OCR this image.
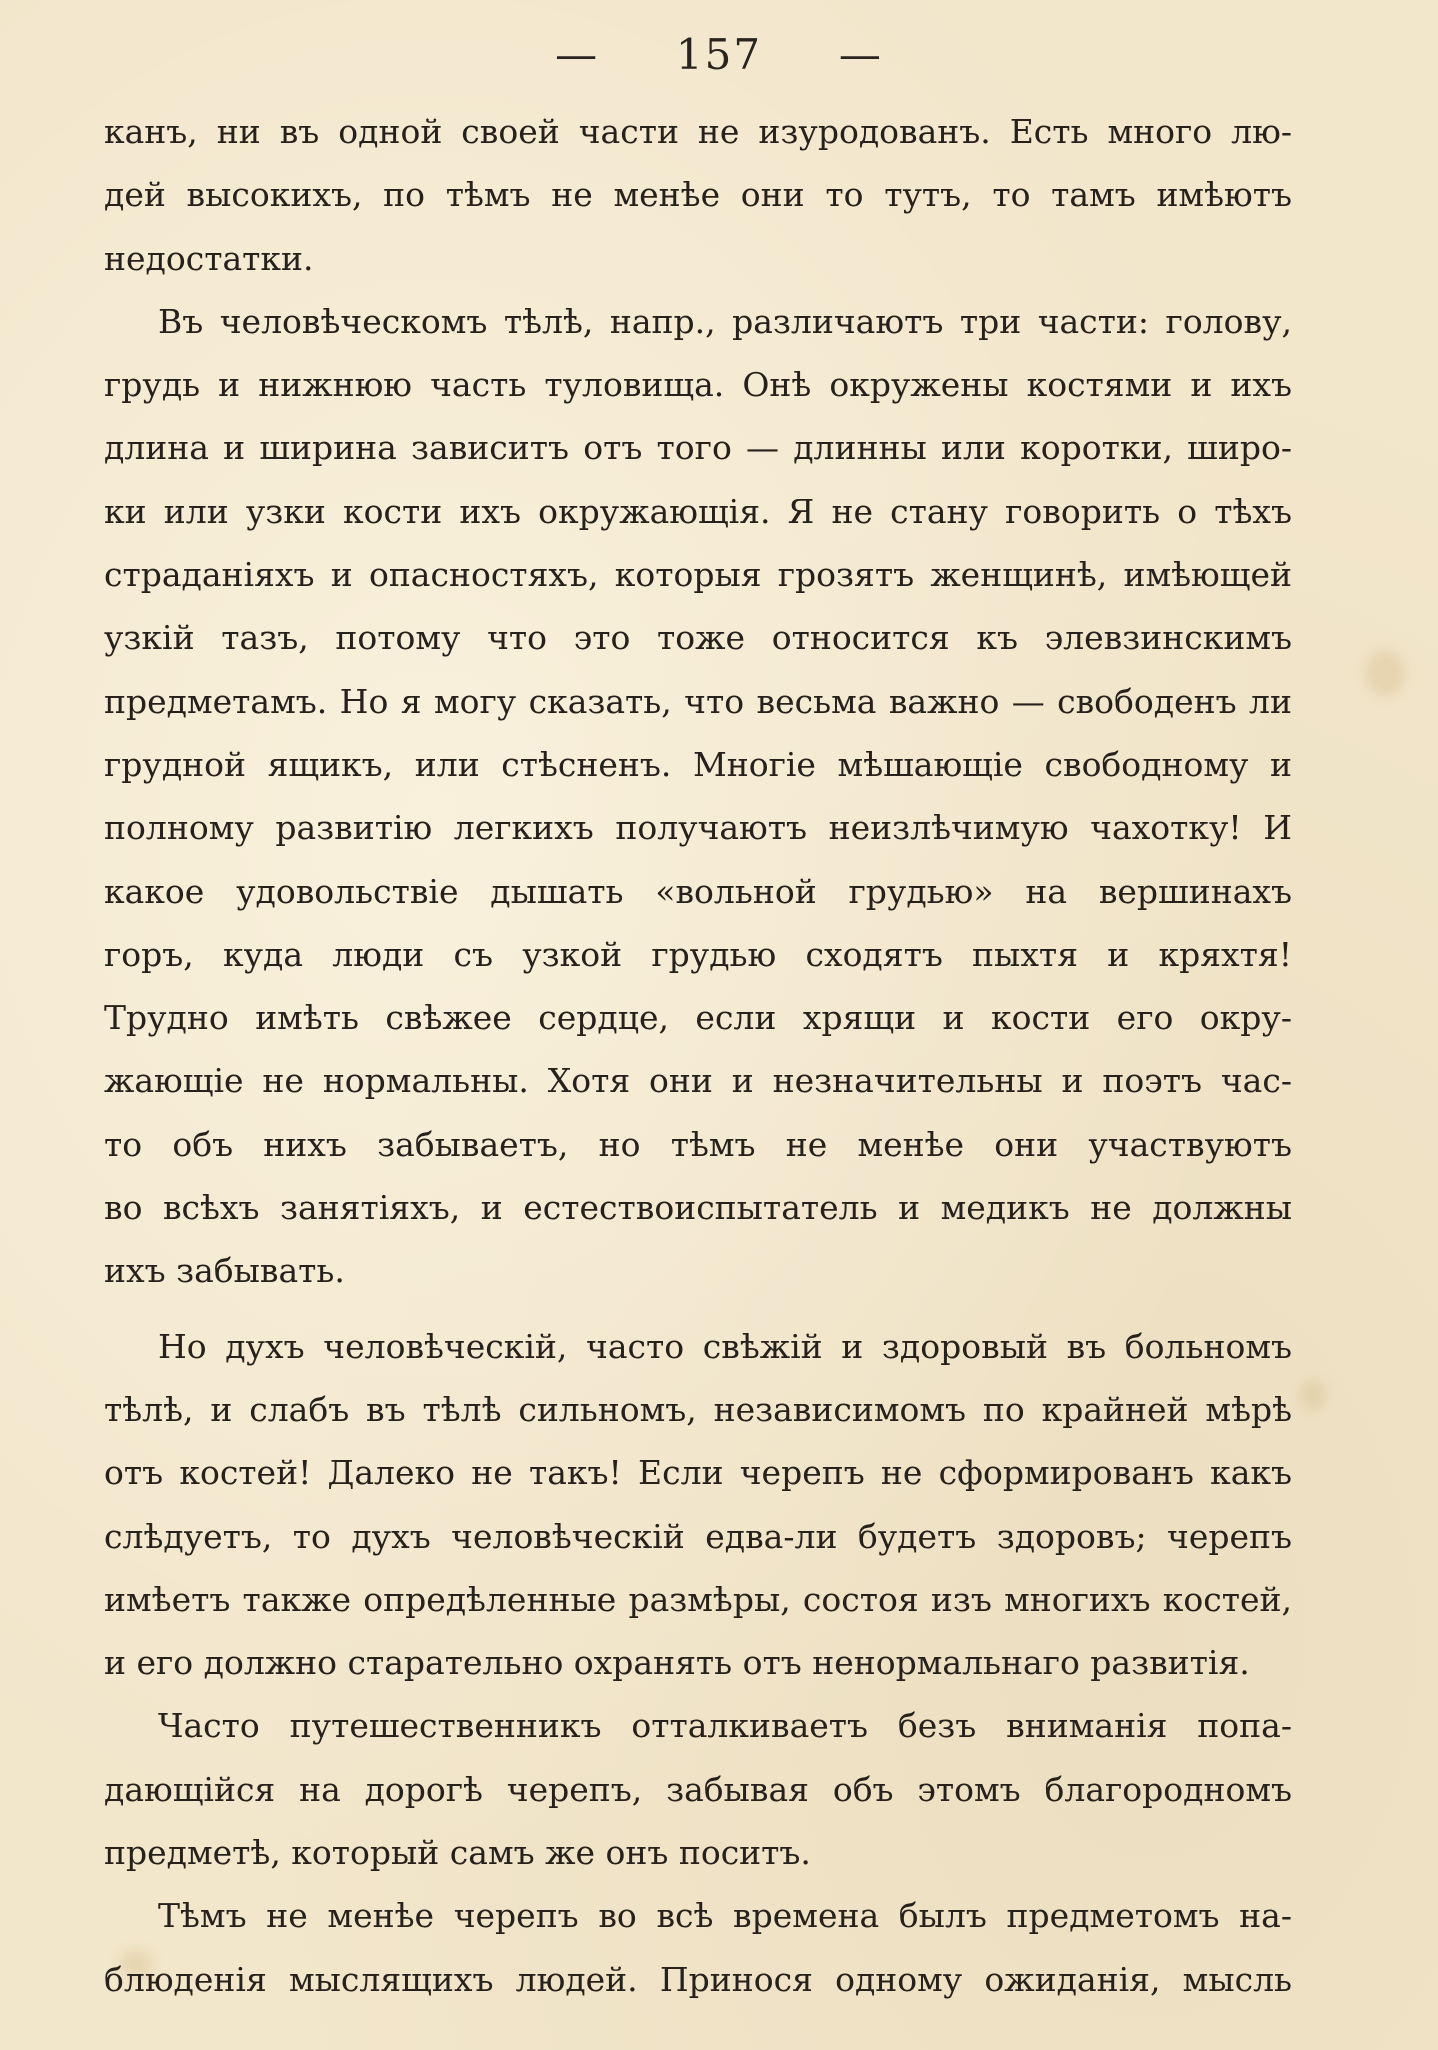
— 157 —
канъ, ни въ одной своей части не изуродованъ. Есть много лю-
дей высокихъ, по тѣмъ не менѣе они то тутъ, то тамъ имѣютъ
недостатки.
Въ человѣческомъ тѣлѣ, напр., различаютъ три части: голову,
грудь и нижнюю часть туловища. Онѣ окружены костями и ихъ
длина и ширина зависитъ отъ того — длинны или коротки, широ-
ки или узки кости ихъ окружающія. Я не стану говорить о тѣхъ
страданіяхъ и опасностяхъ, которыя грозятъ женщинѣ, имѣющей
узкій тазъ, потому что это тоже относится къ элевзинскимъ
предметамъ. Но я могу сказать, что весьма важно — свободенъ ли
грудной ящикъ, или стѣсненъ. Многіе мѣшающіе свободному и
полному развитію легкихъ получаютъ неизлѣчимую чахотку! И
какое удовольствіе дышать «вольной грудью» на вершинахъ
горъ, куда люди съ узкой грудью сходятъ пыхтя и кряхтя!
Трудно имѣть свѣжее сердце, если хрящи и кости его окру-
жающіе не нормальны. Хотя они и незначительны и поэтъ час-
то объ нихъ забываетъ, но тѣмъ не менѣе они участвуютъ
во всѣхъ занятіяхъ, и естествоиспытатель и медикъ не должны
ихъ забывать.
Но духъ человѣческій, часто свѣжій и здоровый въ больномъ
тѣлѣ, и слабъ въ тѣлѣ сильномъ, независимомъ по крайней мѣрѣ
отъ костей! Далеко не такъ! Если черепъ не сформированъ какъ
слѣдуетъ, то духъ человѣческій едва-ли будетъ здоровъ; черепъ
имѣетъ также опредѣленные размѣры, состоя изъ многихъ костей,
и его должно старательно охранять отъ ненормальнаго развитія.
Часто путешественникъ отталкиваетъ безъ вниманія попа-
дающійся на дорогѣ черепъ, забывая объ этомъ благородномъ
предметѣ, который самъ же онъ поситъ.
Тѣмъ не менѣе черепъ во всѣ времена былъ предметомъ на-
блюденія мыслящихъ людей. Принося одному ожиданія, мысль
